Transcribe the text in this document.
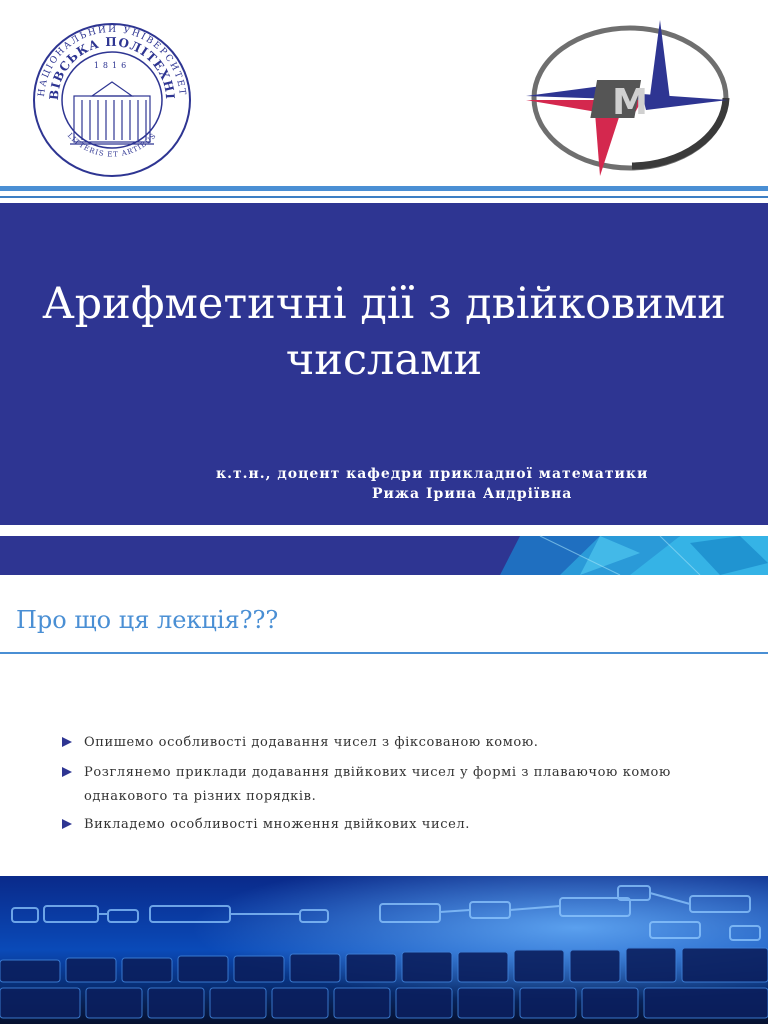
НАЦІОНАЛЬНИЙ УНІВЕРСИТЕТ
ВІВСЬКА ПОЛІТЕХНІ
1816
LITTERIS ET ARTIBUS
М
Арифметичні дії з двійковими числами
к.т.н., доцент кафедри прикладної математики
Рижа Ірина Андріївна
Про що ця лекція???
Опишемо особливості додавання чисел з фіксованою комою.
Розглянемо приклади додавання двійкових чисел у формі з плаваючою комою однакового та різних порядків.
Викладемо особливості множення двійкових чисел.
